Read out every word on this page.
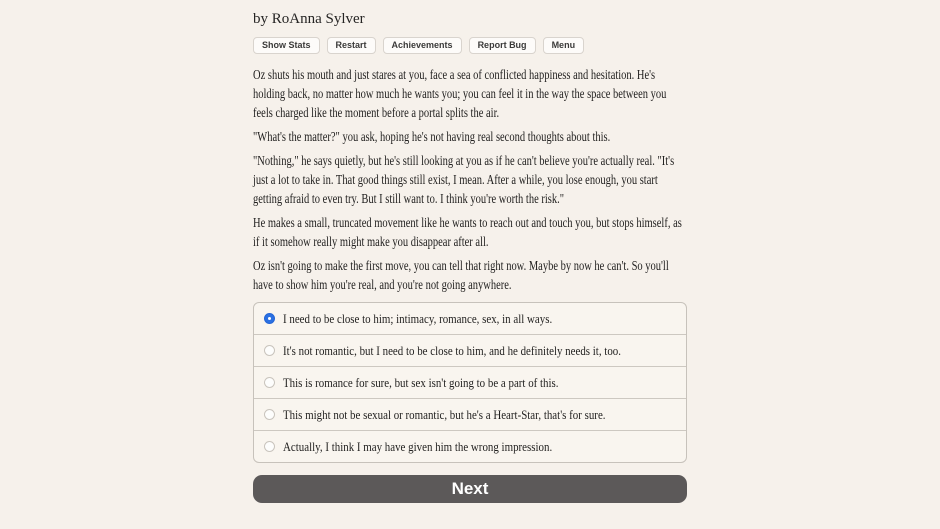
by RoAnna Sylver
Show Stats	Restart	Achievements	Report Bug	Menu

Oz shuts his mouth and just stares at you, face a sea of conflicted happiness and hesitation. He's holding back, no matter how much he wants you; you can feel it in the way the space between you feels charged like the moment before a portal splits the air.

"What's the matter?" you ask, hoping he's not having real second thoughts about this.

"Nothing," he says quietly, but he's still looking at you as if he can't believe you're actually real. "It's just a lot to take in. That good things still exist, I mean. After a while, you lose enough, you start getting afraid to even try. But I still want to. I think you're worth the risk."

He makes a small, truncated movement like he wants to reach out and touch you, but stops himself, as if it somehow really might make you disappear after all.

Oz isn't going to make the first move, you can tell that right now. Maybe by now he can't. So you'll have to show him you're real, and you're not going anywhere.

I need to be close to him; intimacy, romance, sex, in all ways.
It's not romantic, but I need to be close to him, and he definitely needs it, too.
This is romance for sure, but sex isn't going to be a part of this.
This might not be sexual or romantic, but he's a Heart-Star, that's for sure.
Actually, I think I may have given him the wrong impression.
Next
